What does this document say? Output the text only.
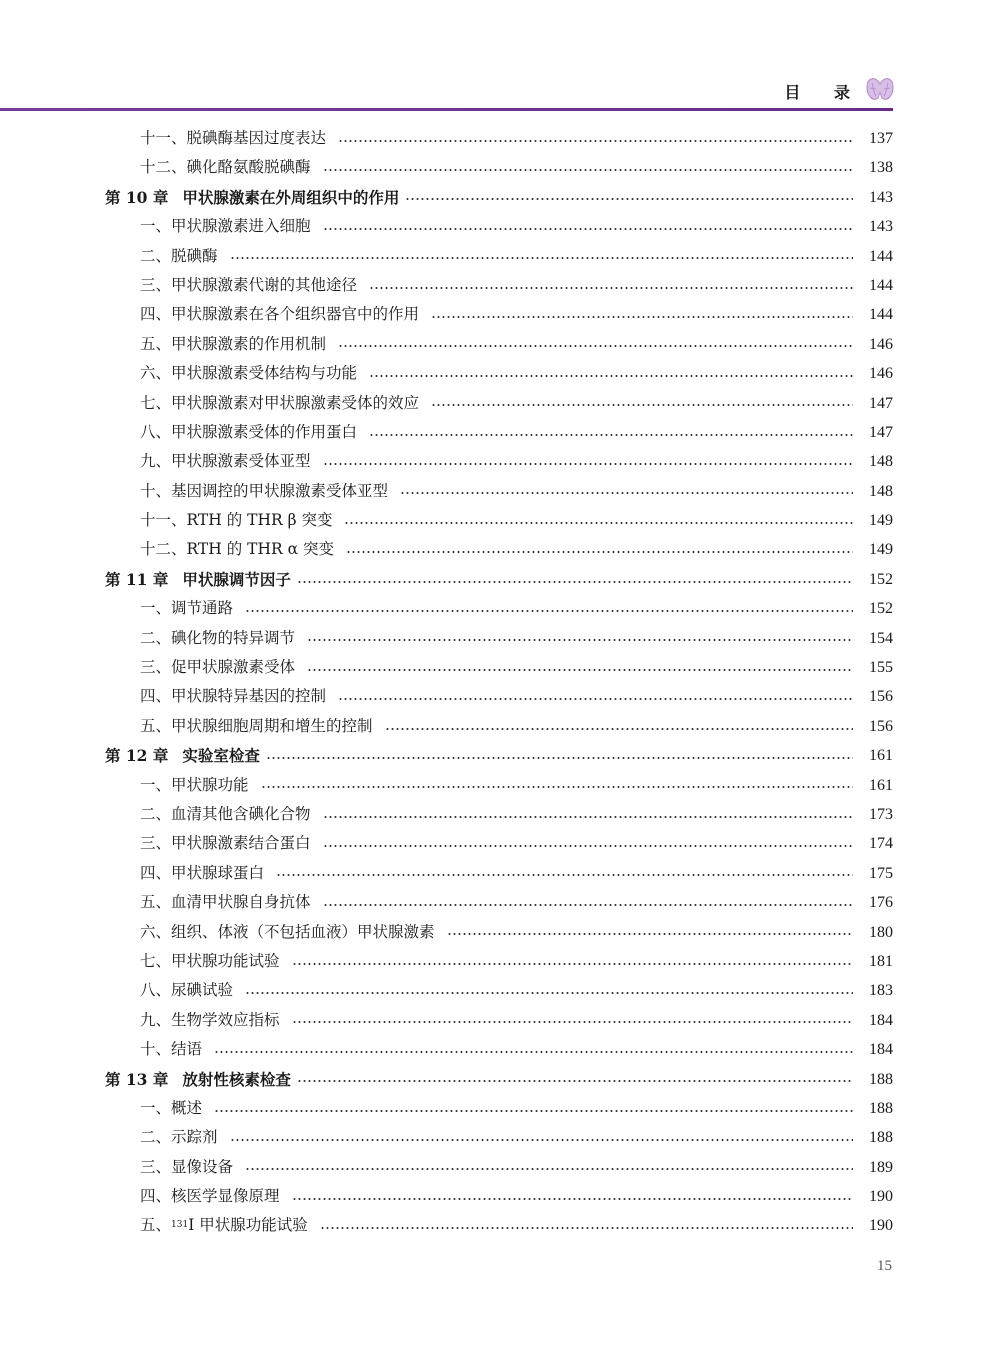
目 录
十一、 脱碘酶基因过度表达	137
十二、 碘化酪氨酸脱碘酶	138
第 10 章 甲状腺激素在外周组织中的作用	143
一、 甲状腺激素进入细胞	143
二、 脱碘酶	144
三、 甲状腺激素代谢的其他途径	144
四、 甲状腺激素在各个组织器官中的作用	144
五、 甲状腺激素的作用机制	146
六、 甲状腺激素受体结构与功能	146
七、 甲状腺激素对甲状腺激素受体的效应	147
八、 甲状腺激素受体的作用蛋白	147
九、 甲状腺激素受体亚型	148
十、 基因调控的甲状腺激素受体亚型	148
十一、 RTH 的 THR β 突变	149
十二、 RTH 的 THR α 突变	149
第 11 章 甲状腺调节因子	152
一、 调节通路	152
二、 碘化物的特异调节	154
三、 促甲状腺激素受体	155
四、 甲状腺特异基因的控制	156
五、 甲状腺细胞周期和增生的控制	156
第 12 章 实验室检查	161
一、 甲状腺功能	161
二、 血清其他含碘化合物	173
三、 甲状腺激素结合蛋白	174
四、 甲状腺球蛋白	175
五、 血清甲状腺自身抗体	176
六、 组织、体液（不包括血液）甲状腺激素	180
七、 甲状腺功能试验	181
八、 尿碘试验	183
九、 生物学效应指标	184
十、 结语	184
第 13 章 放射性核素检查	188
一、 概述	188
二、 示踪剂	188
三、 显像设备	189
四、 核医学显像原理	190
五、 131 I 甲状腺功能试验	190
15
